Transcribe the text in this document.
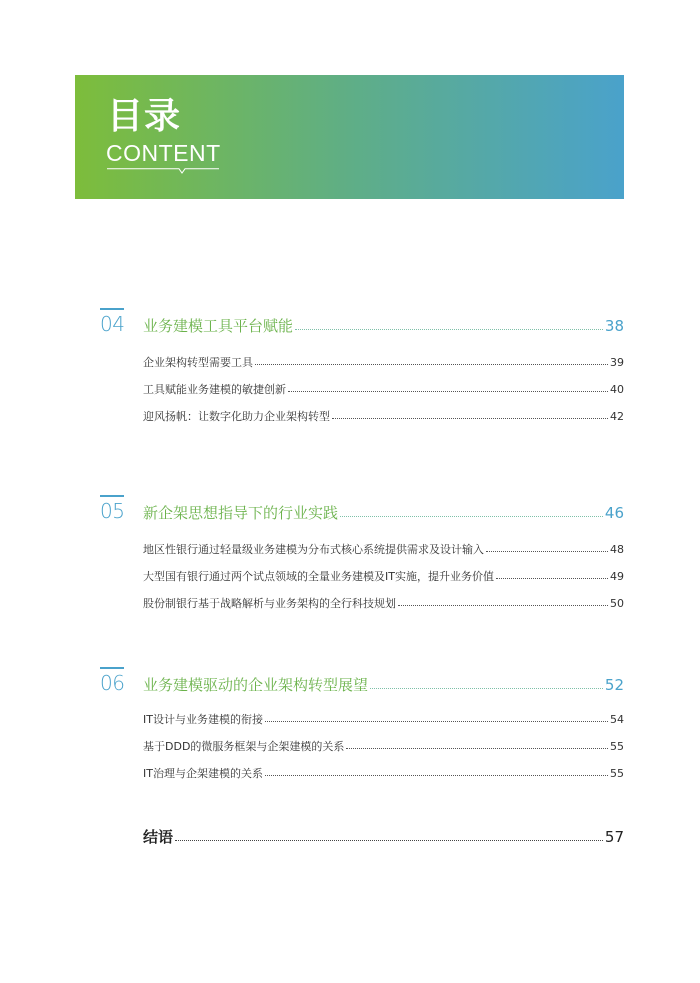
目录
CONTENT
04 业务建模工具平台赋能	38
企业架构转型需要工具	39
工具赋能业务建模的敏捷创新	40
迎风扬帆：让数字化助力企业架构转型	42
05 新企架思想指导下的行业实践	46
地区性银行通过轻量级业务建模为分布式核心系统提供需求及设计输入	48
大型国有银行通过两个试点领域的全量业务建模及IT实施，提升业务价值	49
股份制银行基于战略解析与业务架构的全行科技规划	50
06 业务建模驱动的企业架构转型展望	52
IT设计与业务建模的衔接	54
基于DDD的微服务框架与企架建模的关系	55
IT治理与企架建模的关系	55
结语	57
